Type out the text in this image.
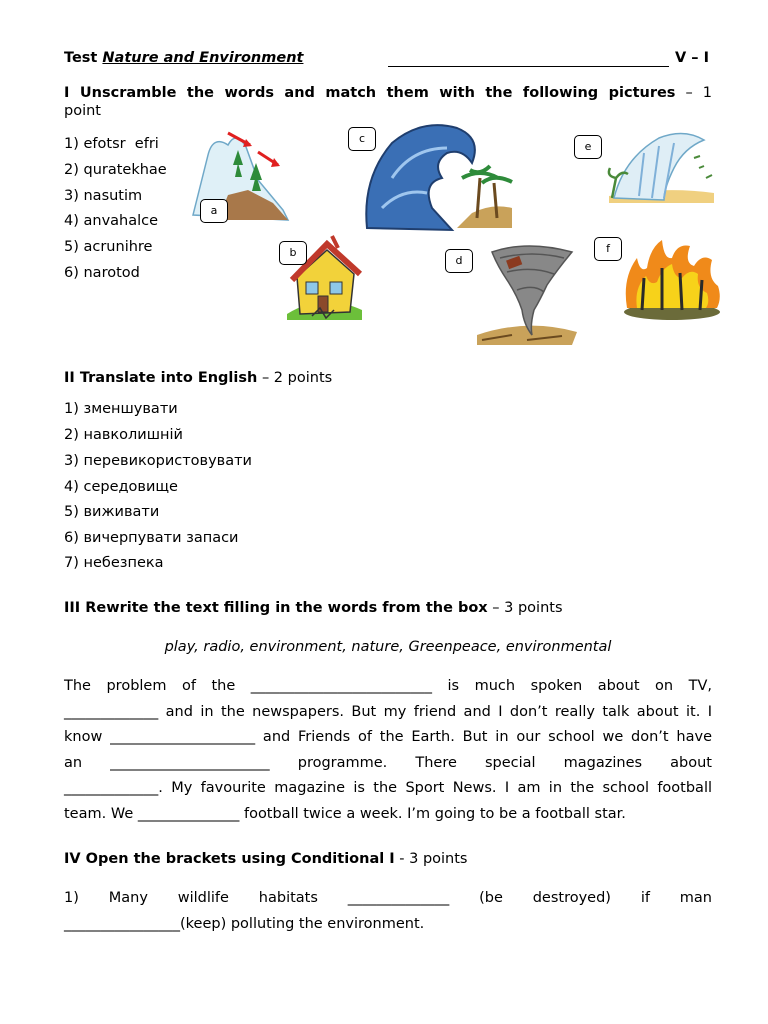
Test Nature and Environment	V – I
I Unscramble the words and match them with the following pictures – 1
point
1) efotsr  efri
2) quratekhae
3) nasutim
4) anvahalce
5) acrunihre
6) narotod
a
b
c
d
e
f
II Translate into English – 2 points
1) зменшувати
2) навколишній
3) перевикористовувати
4) середовище
5) виживати
6) вичерпувати запаси
7) небезпека
III Rewrite the text filling in the words from the box – 3 points
play, radio, environment, nature, Greenpeace, environmental
The problem of the _________________________ is much spoken about on TV,
_____________ and in the newspapers. But my friend and I don’t really talk about it. I
know ____________________ and Friends of the Earth. But in our school we don’t have
an ______________________ programme. There special magazines about
_____________. My favourite magazine is the Sport News. I am in the school football
team. We ______________ football twice a week. I’m going to be a football star.
IV Open the brackets using Conditional I - 3 points
1) Many wildlife habitats ______________ (be destroyed) if man
________________(keep) polluting the environment.
